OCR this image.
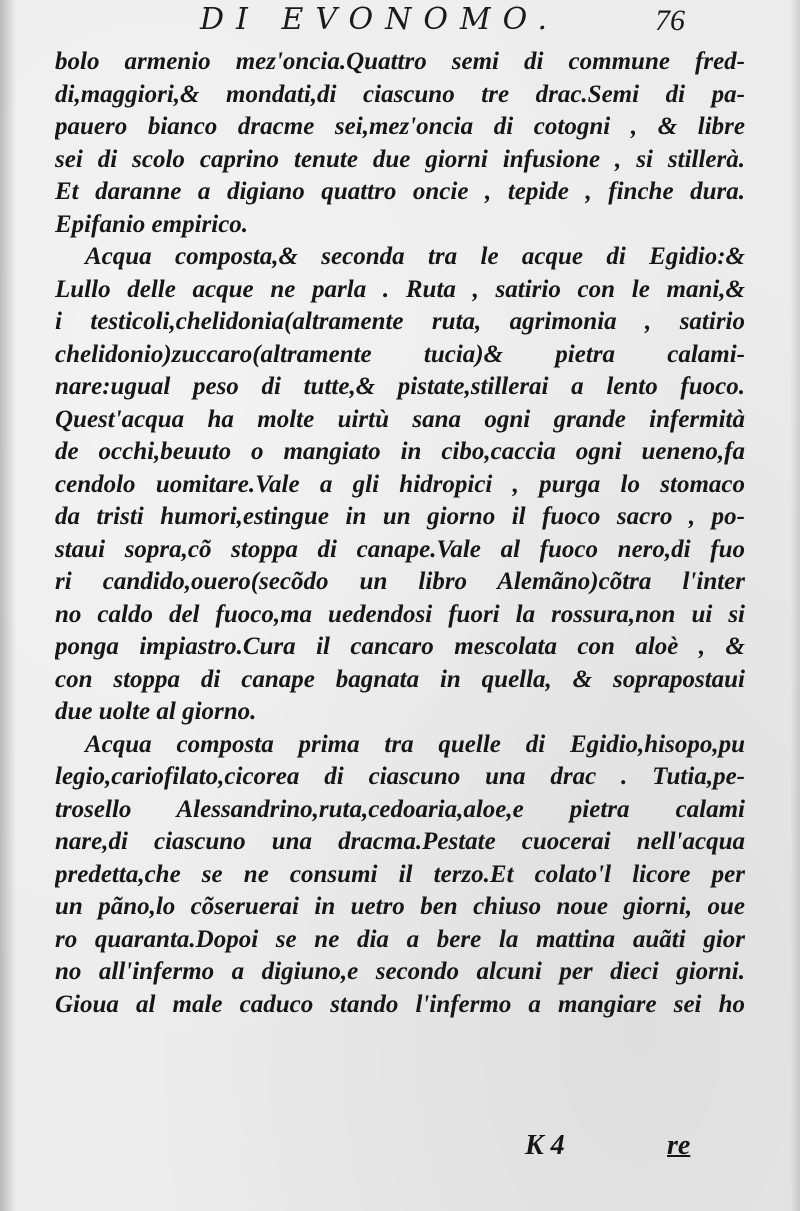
DI EVONOMO.	76
bolo armenio mez'oncia.Quattro semi di commune fred-
di,maggiori,& mondati,di ciascuno tre drac.Semi di pa-
pauero bianco dracme sei,mez'oncia di cotogni , & libre
sei di scolo caprino tenute due giorni infusione , si stillerà.
Et daranne a digiano quattro oncie , tepide , finche dura.
Epifanio empirico.
Acqua composta,& seconda tra le acque di Egidio:&
Lullo delle acque ne parla . Ruta , satirio con le mani,&
i testicoli,chelidonia(altramente ruta, agrimonia , satirio
chelidonio)zuccaro(altramente tucia)& pietra calami-
nare:ugual peso di tutte,& pistate,stillerai a lento fuoco.
Quest'acqua ha molte uirtù sana ogni grande infermità
de occhi,beuuto o mangiato in cibo,caccia ogni ueneno,fa
cendolo uomitare.Vale a gli hidropici , purga lo stomaco
da tristi humori,estingue in un giorno il fuoco sacro , po-
staui sopra,cõ stoppa di canape.Vale al fuoco nero,di fuo
ri candido,ouero(secõdo un libro Alemãno)cõtra l'inter
no caldo del fuoco,ma uedendosi fuori la rossura,non ui si
ponga impiastro.Cura il cancaro mescolata con aloè , &
con stoppa di canape bagnata in quella, & soprapostaui
due uolte al giorno.
Acqua composta prima tra quelle di Egidio,hisopo,pu
legio,cariofilato,cicorea di ciascuno una drac . Tutia,pe-
trosello Alessandrino,ruta,cedoaria,aloe,e pietra calami
nare,di ciascuno una dracma.Pestate cuocerai nell'acqua
predetta,che se ne consumi il terzo.Et colato'l licore per
un pãno,lo cõseruerai in uetro ben chiuso noue giorni, oue
ro quaranta.Dopoi se ne dia a bere la mattina auãti gior
no all'infermo a digiuno,e secondo alcuni per dieci giorni.
Gioua al male caduco stando l'infermo a mangiare sei ho
K 4	re
